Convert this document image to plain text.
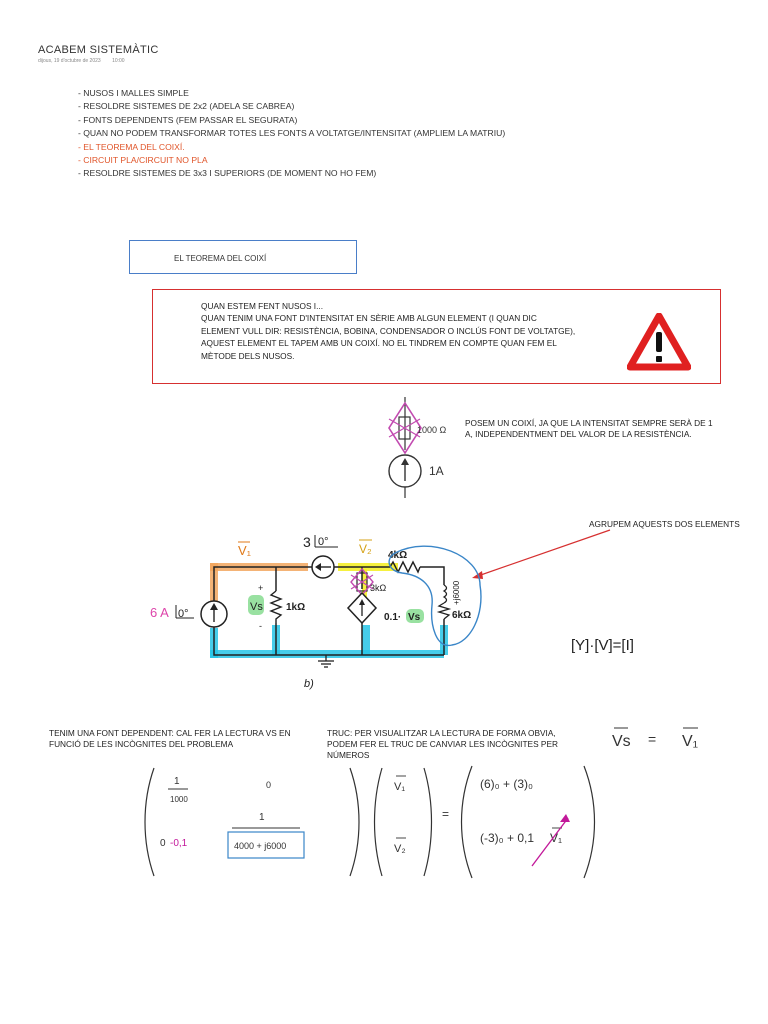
ACABEM SISTEMÀTIC
dijous, 19 d'octubre de 2023 10:00
- NUSOS I MALLES SIMPLE
- RESOLDRE SISTEMES DE 2x2 (ADELA SE CABREA)
- FONTS DEPENDENTS (FEM PASSAR EL SEGURATA)
- QUAN NO PODEM TRANSFORMAR TOTES LES FONTS A VOLTATGE/INTENSITAT (AMPLIEM LA MATRIU)
- EL TEOREMA DEL COIXÍ.
- CIRCUIT PLA/CIRCUIT NO PLA
- RESOLDRE SISTEMES DE 3x3 I SUPERIORS (DE MOMENT NO HO FEM)
EL TEOREMA DEL COIXÍ
QUAN ESTEM FENT NUSOS I...
QUAN TENIM UNA FONT D'INTENSITAT EN SÈRIE AMB ALGUN ELEMENT (I QUAN DIC
ELEMENT VULL DIR: RESISTÈNCIA, BOBINA, CONDENSADOR O INCLÚS FONT DE VOLTATGE),
AQUEST ELEMENT EL TAPEM AMB UN COIXÍ. NO EL TINDREM EN COMPTE QUAN FEM EL
MÈTODE DELS NUSOS.
1000 Ω
1A
POSEM UN COIXÍ, JA QUE LA INTENSITAT SEMPRE SERÀ DE 1 A, INDEPENDENTMENT DEL VALOR DE LA RESISTÈNCIA.
AGRUPEM AQUESTS DOS ELEMENTS
6 A 0°
Vs
+
-
1kΩ
3 0°
V₁	V₂
3kΩ
0.1· Vs
4kΩ
+j6000
6kΩ
b)
[Y]·[V]=[I]
TENIM UNA FONT DEPENDENT: CAL FER LA LECTURA VS EN FUNCIÓ DE LES INCÒGNITES DEL PROBLEMA
TRUC: PER VISUALITZAR LA LECTURA DE FORMA OBVIA, PODEM FER EL TRUC DE CANVIAR LES INCÒGNITES PER NÚMEROS
Vs = V₁
1
1000
0
0 -0,1
1
4000 + j6000
V₁
V₂
=
(6)₀ + (3)₀
(-3)₀ + 0,1 V₁
